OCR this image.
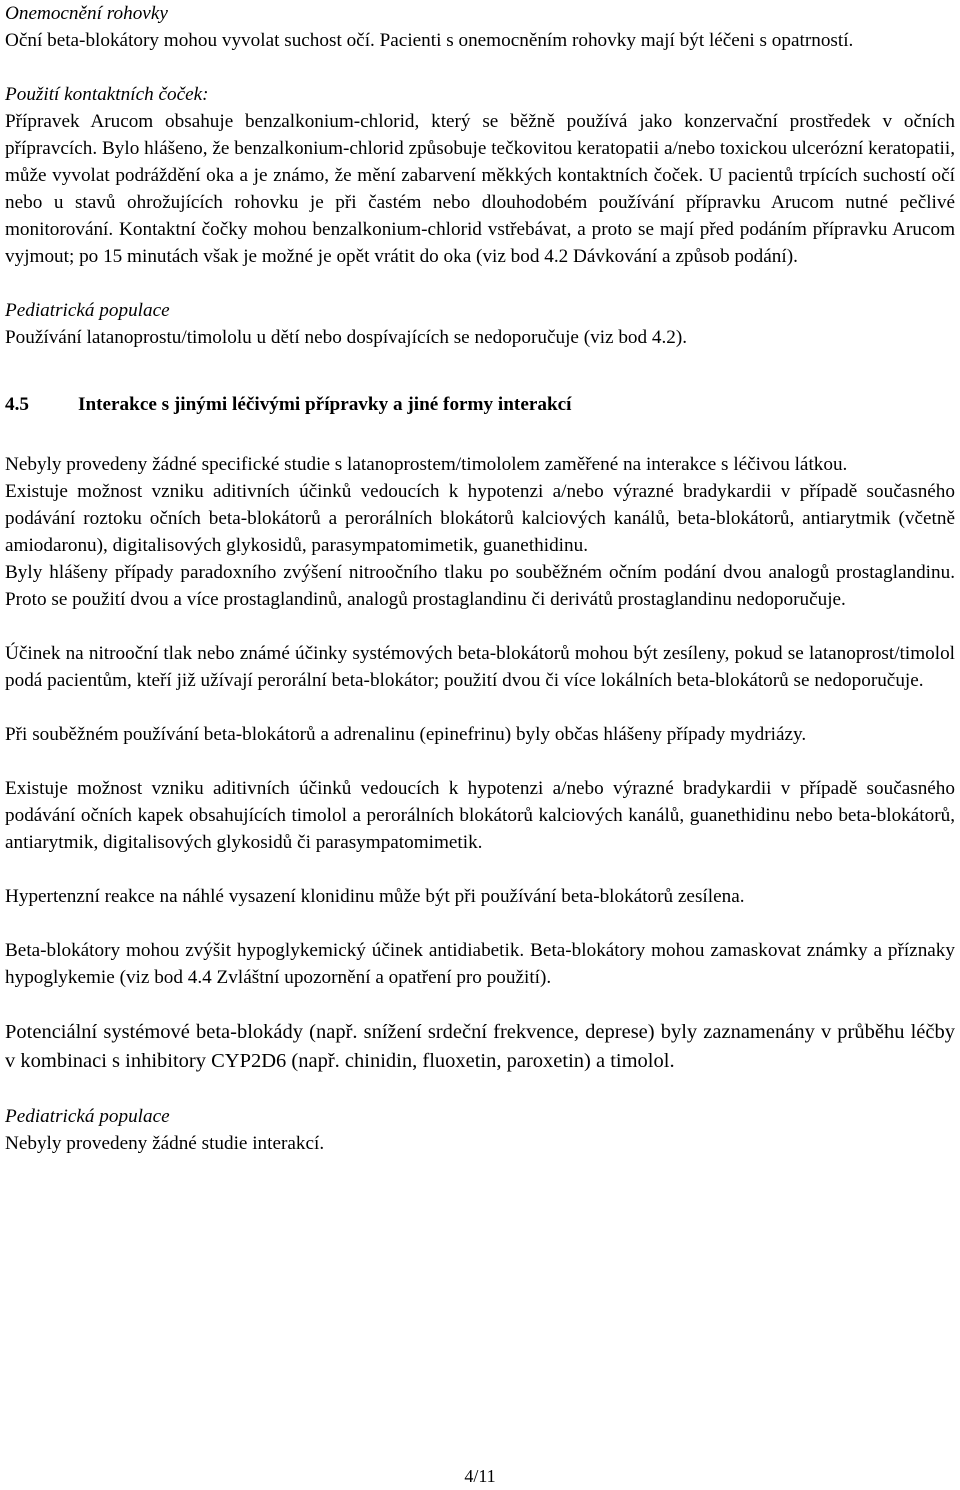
Onemocnění rohovky

Oční beta-blokátory mohou vyvolat suchost očí. Pacienti s onemocněním rohovky mají být léčeni s opatrností.

Použití kontaktních čoček:

Přípravek Arucom obsahuje benzalkonium-chlorid, který se běžně používá jako konzervační prostředek v očních přípravcích. Bylo hlášeno, že benzalkonium-chlorid způsobuje tečkovitou keratopatii a/nebo toxickou ulcerózní keratopatii, může vyvolat podráždění oka a je známo, že mění zabarvení měkkých kontaktních čoček. U pacientů trpících suchostí očí nebo u stavů ohrožujících rohovku je při častém nebo dlouhodobém používání přípravku Arucom nutné pečlivé monitorování. Kontaktní čočky mohou benzalkonium-chlorid vstřebávat, a proto se mají před podáním přípravku Arucom vyjmout; po 15 minutách však je možné je opět vrátit do oka (viz bod 4.2 Dávkování a způsob podání).

Pediatrická populace

Používání latanoprostu/timololu u dětí nebo dospívajících se nedoporučuje (viz bod 4.2).

4.5	Interakce s jinými léčivými přípravky a jiné formy interakcí

Nebyly provedeny žádné specifické studie s latanoprostem/timololem zaměřené na interakce s léčivou látkou.

Existuje možnost vzniku aditivních účinků vedoucích k hypotenzi a/nebo výrazné bradykardii v případě současného podávání roztoku očních beta-blokátorů a perorálních blokátorů kalciových kanálů, beta-blokátorů, antiarytmik (včetně amiodaronu), digitalisových glykosidů, parasympatomimetik, guanethidinu.

Byly hlášeny případy paradoxního zvýšení nitroočního tlaku po souběžném očním podání dvou analogů prostaglandinu. Proto se použití dvou a více prostaglandinů, analogů prostaglandinu či derivátů prostaglandinu nedoporučuje.

Účinek na nitrooční tlak nebo známé účinky systémových beta-blokátorů mohou být zesíleny, pokud se latanoprost/timolol podá pacientům, kteří již užívají perorální beta-blokátor; použití dvou či více lokálních beta-blokátorů se nedoporučuje.

Při souběžném používání beta-blokátorů a adrenalinu (epinefrinu) byly občas hlášeny případy mydriázy.

Existuje možnost vzniku aditivních účinků vedoucích k hypotenzi a/nebo výrazné bradykardii v případě současného podávání očních kapek obsahujících timolol a perorálních blokátorů kalciových kanálů, guanethidinu nebo beta-blokátorů, antiarytmik, digitalisových glykosidů či parasympatomimetik.

Hypertenzní reakce na náhlé vysazení klonidinu může být při používání beta-blokátorů zesílena.

Beta-blokátory mohou zvýšit hypoglykemický účinek antidiabetik. Beta-blokátory mohou zamaskovat známky a příznaky hypoglykemie (viz bod 4.4 Zvláštní upozornění a opatření pro použití).

Potenciální systémové beta-blokády (např. snížení srdeční frekvence, deprese) byly zaznamenány v průběhu léčby v kombinaci s inhibitory CYP2D6 (např. chinidin, fluoxetin, paroxetin) a timolol.

Pediatrická populace

Nebyly provedeny žádné studie interakcí.

4/11
